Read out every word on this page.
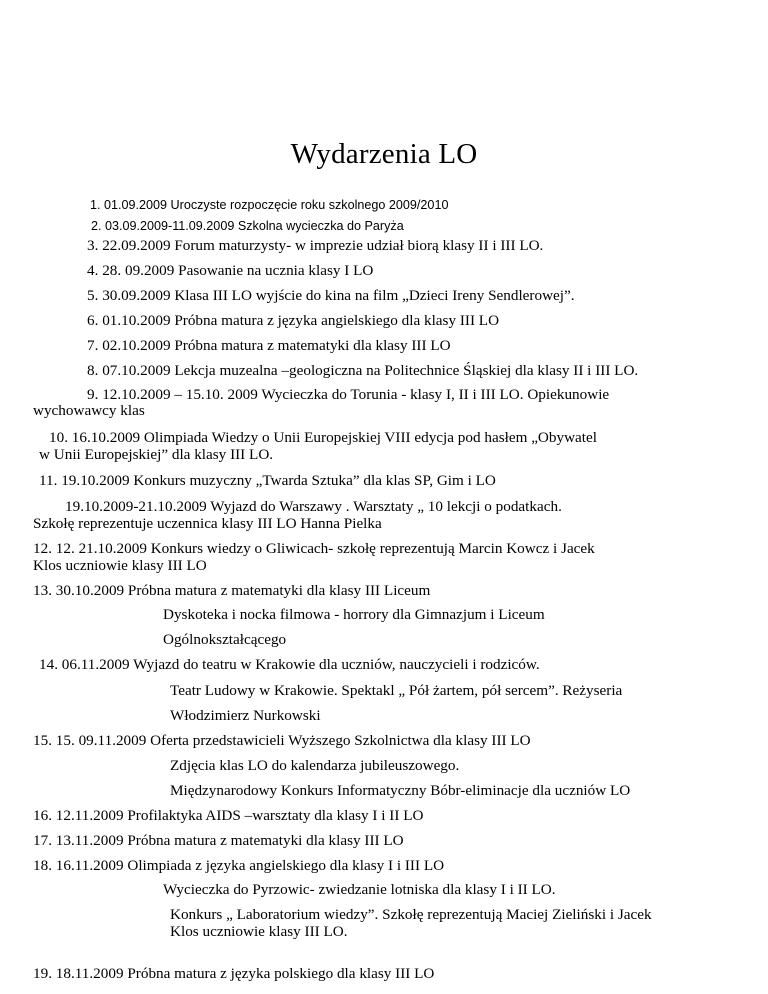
Wydarzenia LO
1. 01.09.2009 Uroczyste rozpoczęcie roku szkolnego 2009/2010
2. 03.09.2009-11.09.2009 Szkolna wycieczka do Paryża
3. 22.09.2009 Forum maturzysty- w imprezie udział biorą klasy II i III LO.
4. 28. 09.2009 Pasowanie na ucznia klasy I LO
5. 30.09.2009 Klasa III LO wyjście do kina na film „Dzieci Ireny Sendlerowej”.
6. 01.10.2009 Próbna matura z języka angielskiego dla klasy III LO
7. 02.10.2009 Próbna matura z matematyki dla klasy III LO
8. 07.10.2009 Lekcja muzealna –geologiczna na Politechnice Śląskiej dla klasy II i III LO.
9. 12.10.2009 – 15.10. 2009 Wycieczka do Torunia - klasy I, II i III LO. Opiekunowie
wychowawcy klas
10. 16.10.2009 Olimpiada Wiedzy o Unii Europejskiej VIII edycja pod hasłem „Obywatel
w Unii Europejskiej” dla klasy III LO.
11. 19.10.2009 Konkurs muzyczny „Twarda Sztuka” dla klas SP, Gim i LO
19.10.2009-21.10.2009 Wyjazd do Warszawy . Warsztaty „ 10 lekcji o podatkach.
Szkołę reprezentuje uczennica klasy III LO Hanna Pielka
12. 12. 21.10.2009 Konkurs wiedzy o Gliwicach- szkołę reprezentują Marcin Kowcz i Jacek
Klos uczniowie klasy III LO
13. 30.10.2009 Próbna matura z matematyki dla klasy III Liceum
Dyskoteka i nocka filmowa - horrory dla Gimnazjum i Liceum
Ogólnokształcącego
14. 06.11.2009 Wyjazd do teatru w Krakowie dla uczniów, nauczycieli i rodziców.
Teatr Ludowy w Krakowie. Spektakl „ Pół żartem, pół sercem”. Reżyseria
Włodzimierz Nurkowski
15. 15. 09.11.2009 Oferta przedstawicieli Wyższego Szkolnictwa dla klasy III LO
Zdjęcia klas LO do kalendarza jubileuszowego.
Międzynarodowy Konkurs Informatyczny Bóbr-eliminacje dla uczniów LO
16. 12.11.2009 Profilaktyka AIDS –warsztaty dla klasy I i II LO
17. 13.11.2009 Próbna matura z matematyki dla klasy III LO
18. 16.11.2009 Olimpiada z języka angielskiego dla klasy I i III LO
Wycieczka do Pyrzowic- zwiedzanie lotniska dla klasy I i II LO.
Konkurs „ Laboratorium wiedzy”. Szkołę reprezentują Maciej Zieliński i Jacek
Klos uczniowie klasy III LO.
19. 18.11.2009 Próbna matura z języka polskiego dla klasy III LO
